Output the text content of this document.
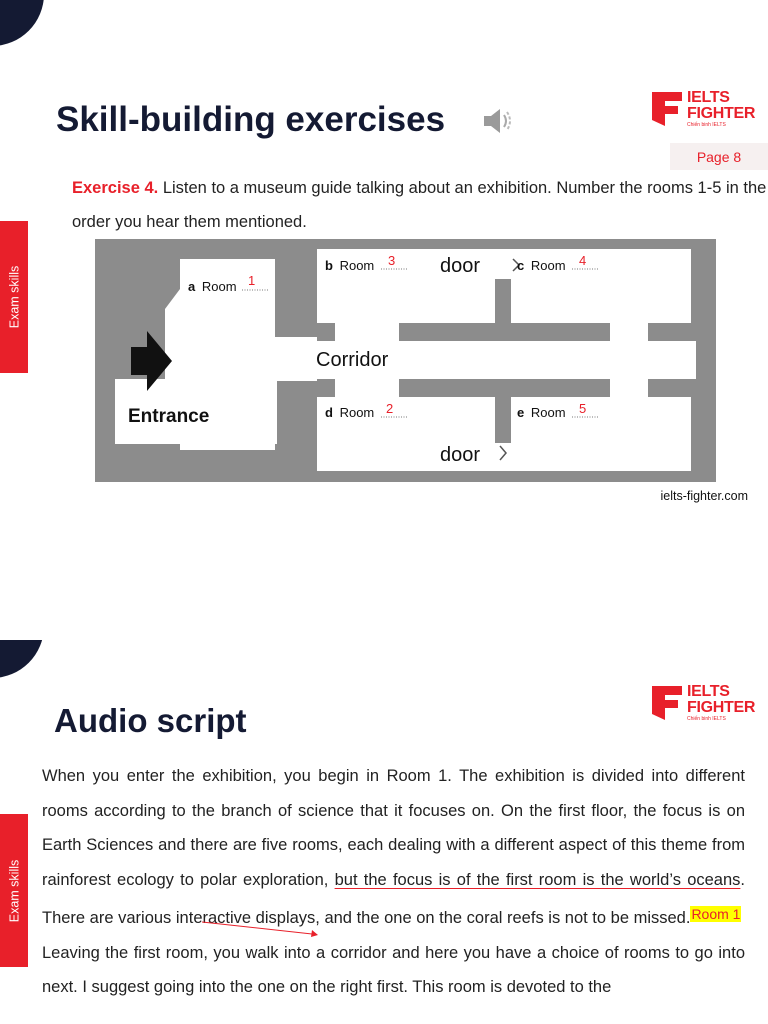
Skill-building exercises
IELTS
FIGHTER
Chiến binh IELTS
Page 8
Exam skills
Exercise 4. Listen to a museum guide talking about an exhibition. Number the rooms 1-5 in the order you hear them mentioned.
Entrance
Corridor
door
door
a Room 1
b Room 3	c Room 4
d Room 2	e Room 5
ielts-fighter.com
Audio script
IELTS
FIGHTER
Chiến binh IELTS
Exam skills

When you enter the exhibition, you begin in Room 1. The exhibition is divided into different rooms according to the branch of science that it focuses on. On the first floor, the focus is on Earth Sciences and there are five rooms, each dealing with a different aspect of this theme from rainforest ecology to polar exploration, but the focus is of the first room is the world’s oceans. There are various interactive displays, and the one on the coral reefs is not to be missed.$^{Room 1}$

Leaving the first room, you walk into a corridor and here you have a choice of rooms to go into next. I suggest going into the one on the right first. This room is devoted to the
